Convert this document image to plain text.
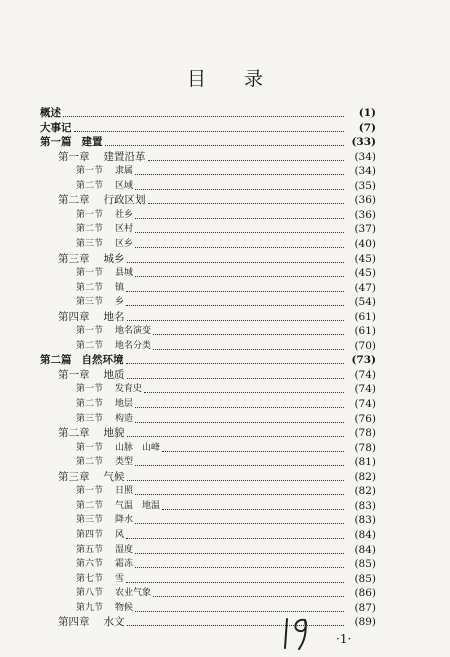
目 录
概述	(1)
大事记	(7)
第一篇 建置	(33)
第一章 建置沿革	(34)
第一节 隶属	(34)
第二节 区域	(35)
第二章 行政区划	(36)
第一节 社乡	(36)
第二节 区村	(37)
第三节 区乡	(40)
第三章 城乡	(45)
第一节 县城	(45)
第二节 镇	(47)
第三节 乡	(54)
第四章 地名	(61)
第一节 地名演变	(61)
第二节 地名分类	(70)
第二篇 自然环境	(73)
第一章 地质	(74)
第一节 发育史	(74)
第二节 地层	(74)
第三节 构造	(76)
第二章 地貌	(78)
第一节 山脉　山峰	(78)
第二节 类型	(81)
第三章 气候	(82)
第一节 日照	(82)
第二节 气温　地温	(83)
第三节 降水	(83)
第四节 风	(84)
第五节 湿度	(84)
第六节 霜冻	(85)
第七节 雪	(85)
第八节 农业气象	(86)
第九节 物候	(87)
第四章 水文	(89)
·1·
